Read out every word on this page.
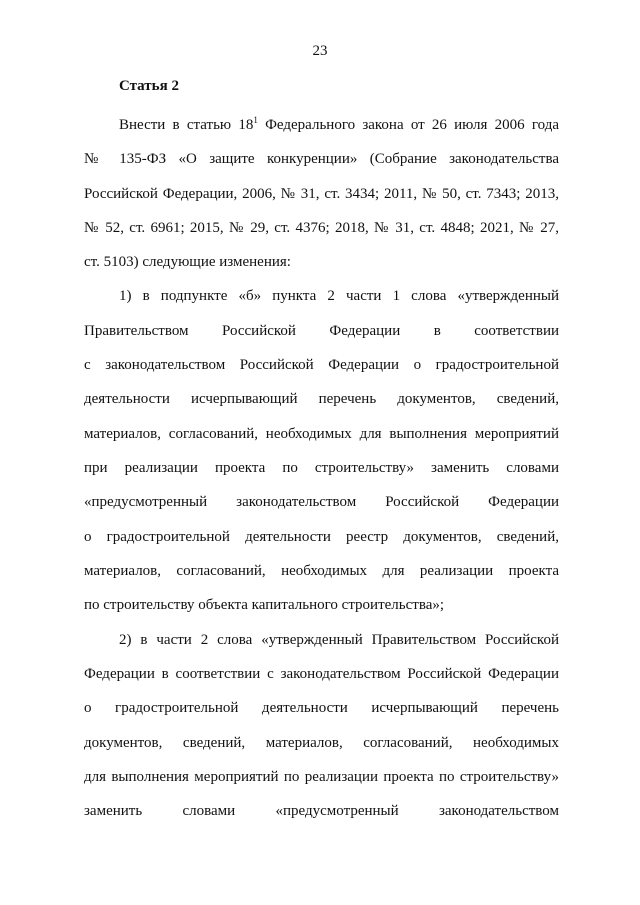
23
Статья 2
Внести в статью $18^1$ Федерального закона от 26 июля 2006 года
№ 135-ФЗ «О защите конкуренции» (Собрание законодательства
Российской Федерации, 2006, № 31, ст. 3434; 2011, № 50, ст. 7343; 2013,
№ 52, ст. 6961; 2015, № 29, ст. 4376; 2018, № 31, ст. 4848; 2021, № 27,
ст. 5103) следующие изменения:
1) в подпункте «б» пункта 2 части 1 слова «утвержденный
Правительством Российской Федерации в соответствии
с законодательством Российской Федерации о градостроительной
деятельности исчерпывающий перечень документов, сведений,
материалов, согласований, необходимых для выполнения мероприятий
при реализации проекта по строительству» заменить словами
«предусмотренный законодательством Российской Федерации
о градостроительной деятельности реестр документов, сведений,
материалов, согласований, необходимых для реализации проекта
по строительству объекта капитального строительства»;
2) в части 2 слова «утвержденный Правительством Российской
Федерации в соответствии с законодательством Российской Федерации
о градостроительной деятельности исчерпывающий перечень
документов, сведений, материалов, согласований, необходимых
для выполнения мероприятий по реализации проекта по строительству»
заменить словами «предусмотренный законодательством
